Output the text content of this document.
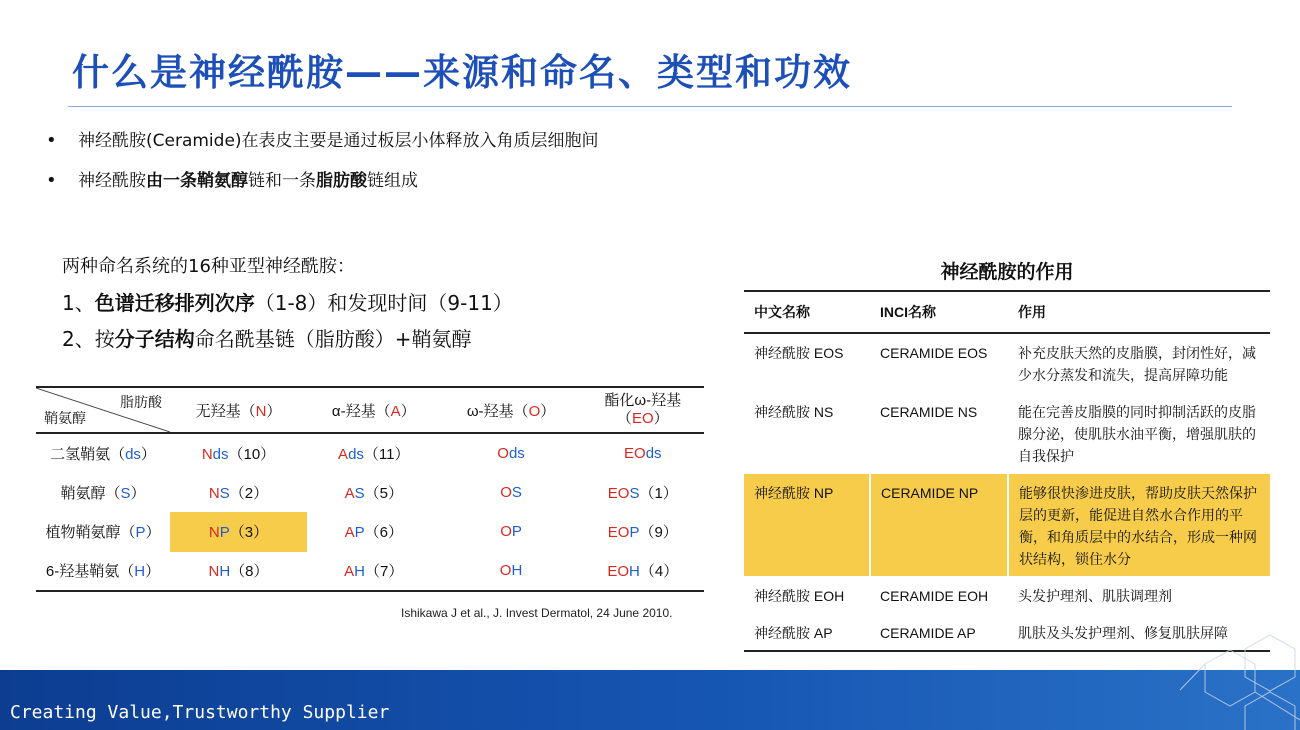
什么是神经酰胺——来源和命名、类型和功效
• 神经酰胺(Ceramide)在表皮主要是通过板层小体释放入角质层细胞间
• 神经酰胺由一条鞘氨醇链和一条脂肪酸链组成
两种命名系统的16种亚型神经酰胺：
1、色谱迁移排列次序（1-8）和发现时间（9-11）
2、按分子结构命名酰基链（脂肪酸）+鞘氨醇
脂肪酸
鞘氨醇	无羟基（N）	α-羟基（A）	ω-羟基（O）	酯化ω-羟基
（EO）
二氢鞘氨（ds）	Nds（10）	Ads（11）	Ods	EOds
鞘氨醇（S）	NS（2）	AS（5）	OS	EOS（1）
植物鞘氨醇（P）	NP（3）	AP（6）	OP	EOP（9）
6-羟基鞘氨（H）	NH（8）	AH（7）	OH	EOH（4）
Ishikawa J et al., J. Invest Dermatol, 24 June 2010.
神经酰胺的作用
中文名称	INCI名称	作用
神经酰胺 EOS	CERAMIDE EOS	补充皮肤天然的皮脂膜，封闭性好，减少水分蒸发和流失，提高屏障功能
神经酰胺 NS	CERAMIDE NS	能在完善皮脂膜的同时抑制活跃的皮脂腺分泌，使肌肤水油平衡，增强肌肤的自我保护
神经酰胺 NP	CERAMIDE NP	能够很快渗进皮肤，帮助皮肤天然保护层的更新，能促进自然水合作用的平衡，和角质层中的水结合，形成一种网状结构，锁住水分
神经酰胺 EOH	CERAMIDE EOH	头发护理剂、肌肤调理剂
神经酰胺 AP	CERAMIDE AP	肌肤及头发护理剂、修复肌肤屏障
Creating Value,Trustworthy Supplier
